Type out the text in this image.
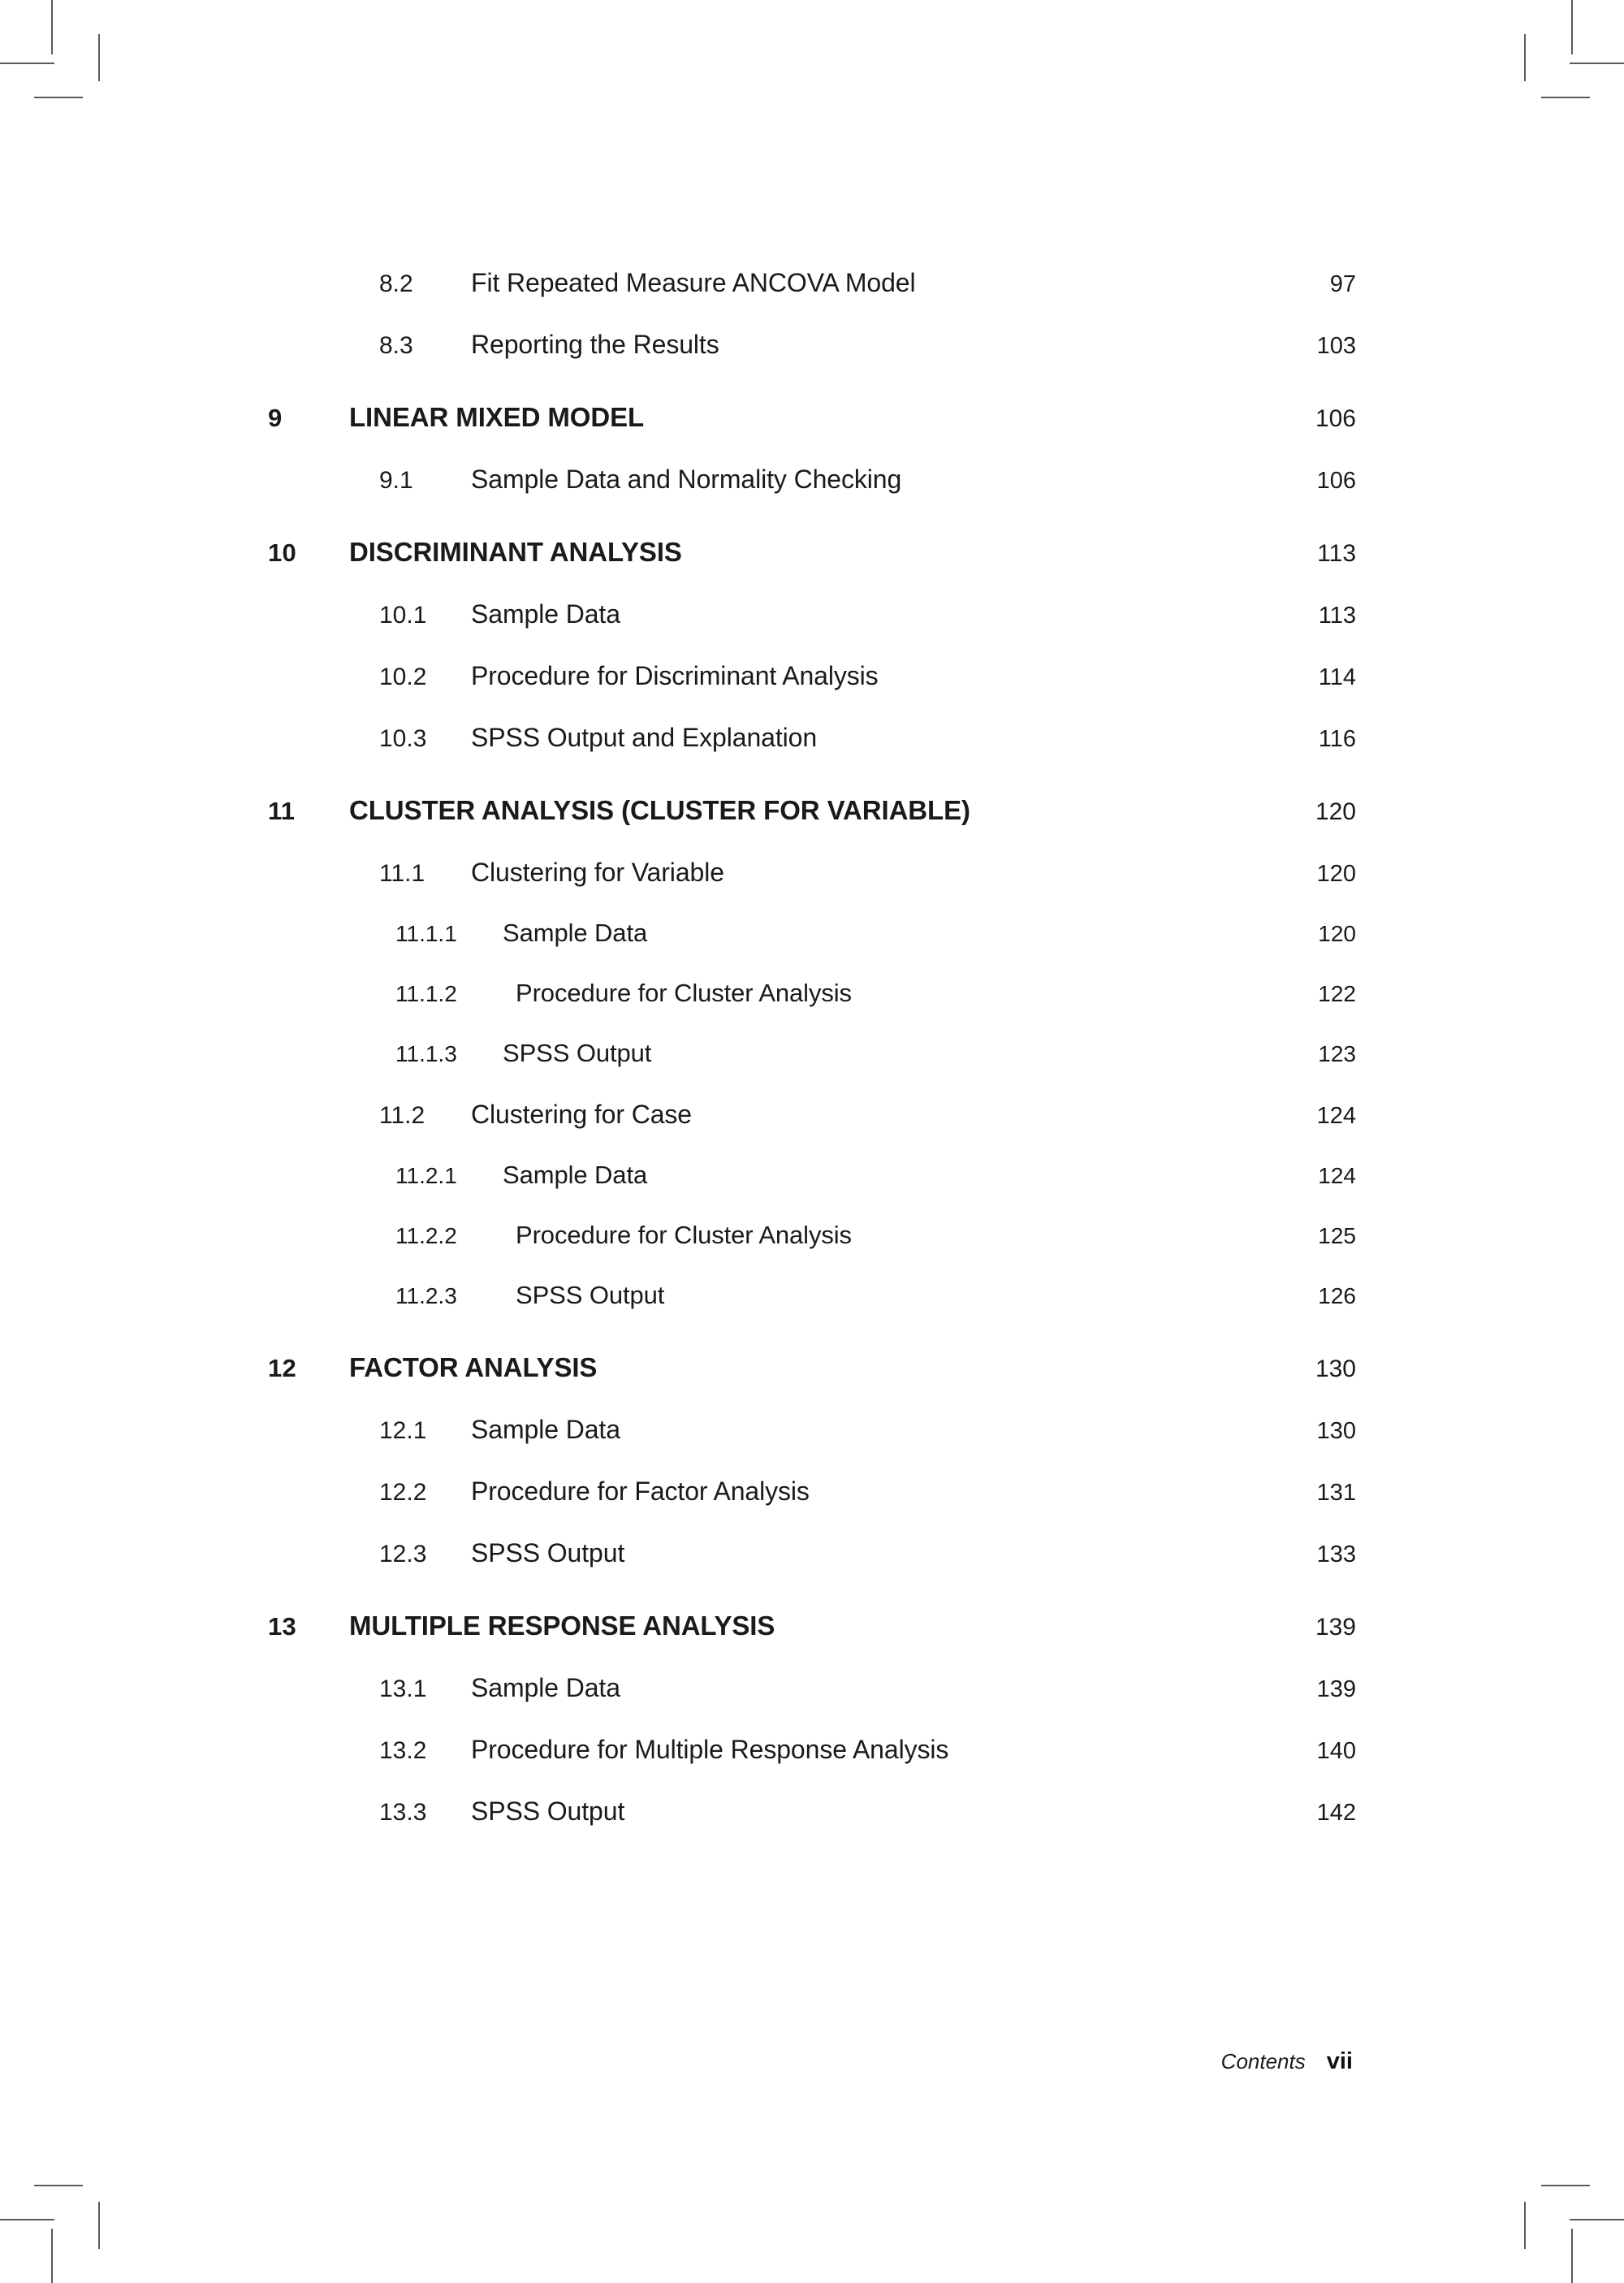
8.2	Fit Repeated Measure ANCOVA Model	97
8.3	Reporting the Results	103
9	LINEAR MIXED MODEL	106
9.1	Sample Data and Normality Checking	106
10	DISCRIMINANT ANALYSIS	113
10.1	Sample Data	113
10.2	Procedure for Discriminant Analysis	114
10.3	SPSS Output and Explanation	116
11	CLUSTER ANALYSIS (CLUSTER FOR VARIABLE)	120
11.1	Clustering for Variable	120
11.1.1	Sample Data	120
11.1.2	Procedure for Cluster Analysis	122
11.1.3	SPSS Output	123
11.2	Clustering for Case	124
11.2.1	Sample Data	124
11.2.2	Procedure for Cluster Analysis	125
11.2.3	SPSS Output	126
12	FACTOR ANALYSIS	130
12.1	Sample Data	130
12.2	Procedure for Factor Analysis	131
12.3	SPSS Output	133
13	MULTIPLE RESPONSE ANALYSIS	139
13.1	Sample Data	139
13.2	Procedure for Multiple Response Analysis	140
13.3	SPSS Output	142
Contents vii
